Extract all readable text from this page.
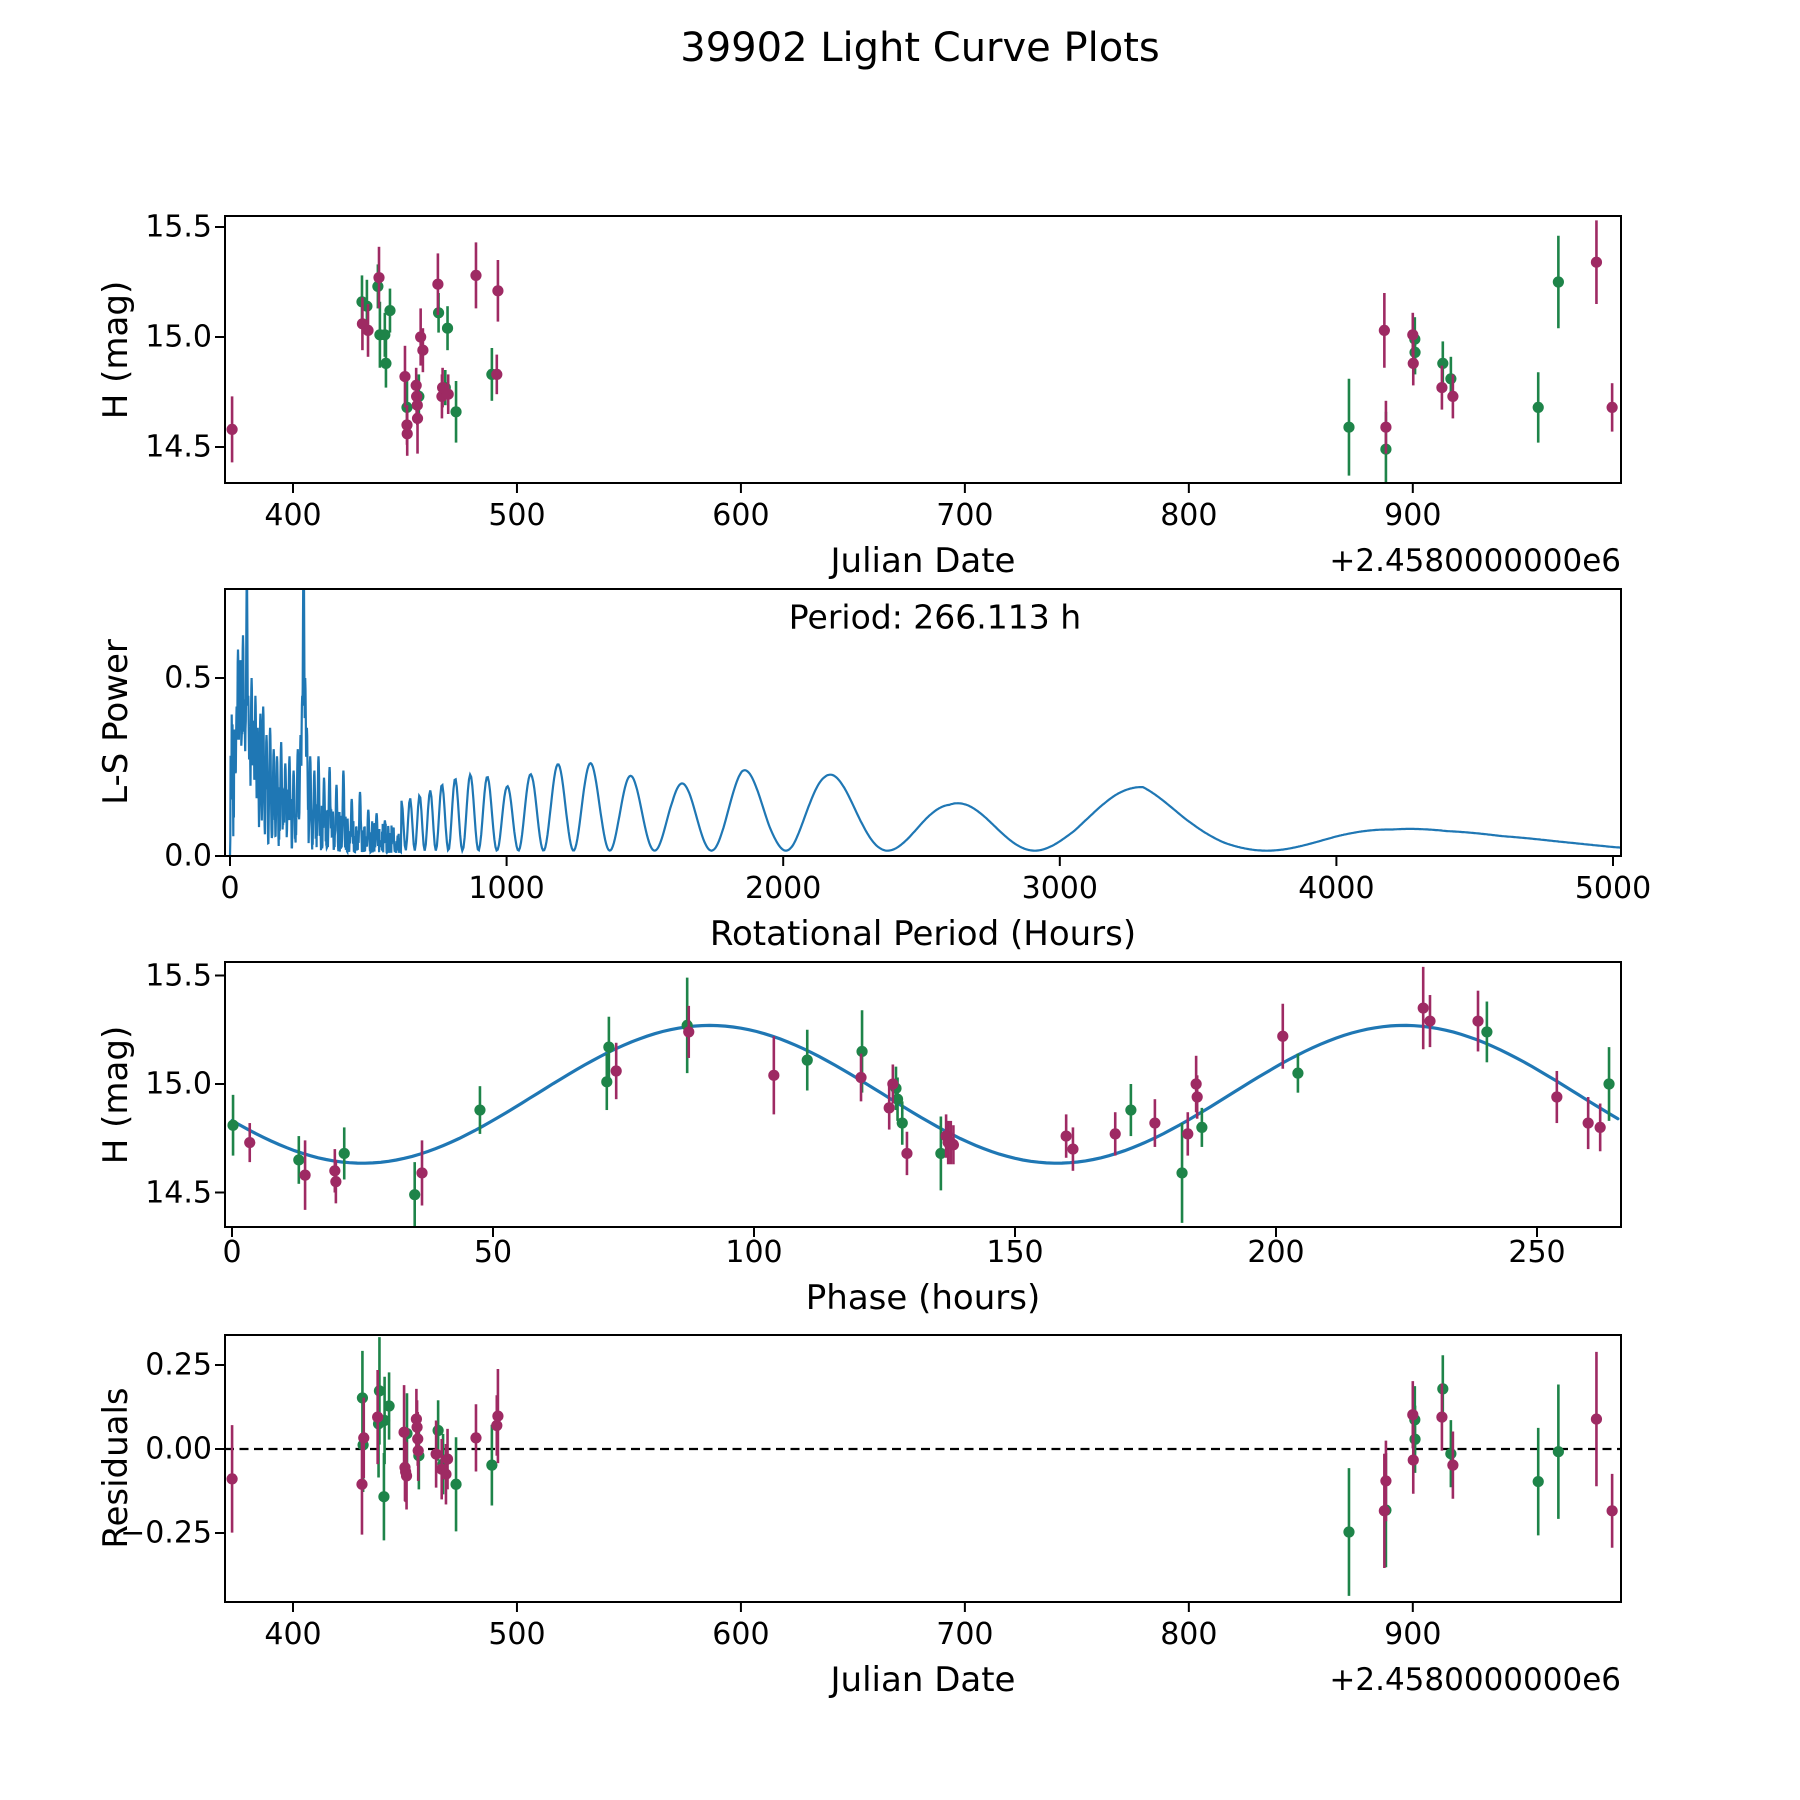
39902 Light Curve Plots
H (mag)
Julian Date	+2.4580000000e6
L-S Power
Rotational Period (Hours)
Period: 266.113 h
H (mag)
Phase (hours)
Residuals
Julian Date	+2.4580000000e6
400	500	600	700	800	900
15.5
15.0
14.5
0	1000	2000	3000	4000	5000
0.5
0.0
0	50	100	150	200	250
15.5
15.0
14.5
400	500	600	700	800	900
0.25
0.00
−0.25
